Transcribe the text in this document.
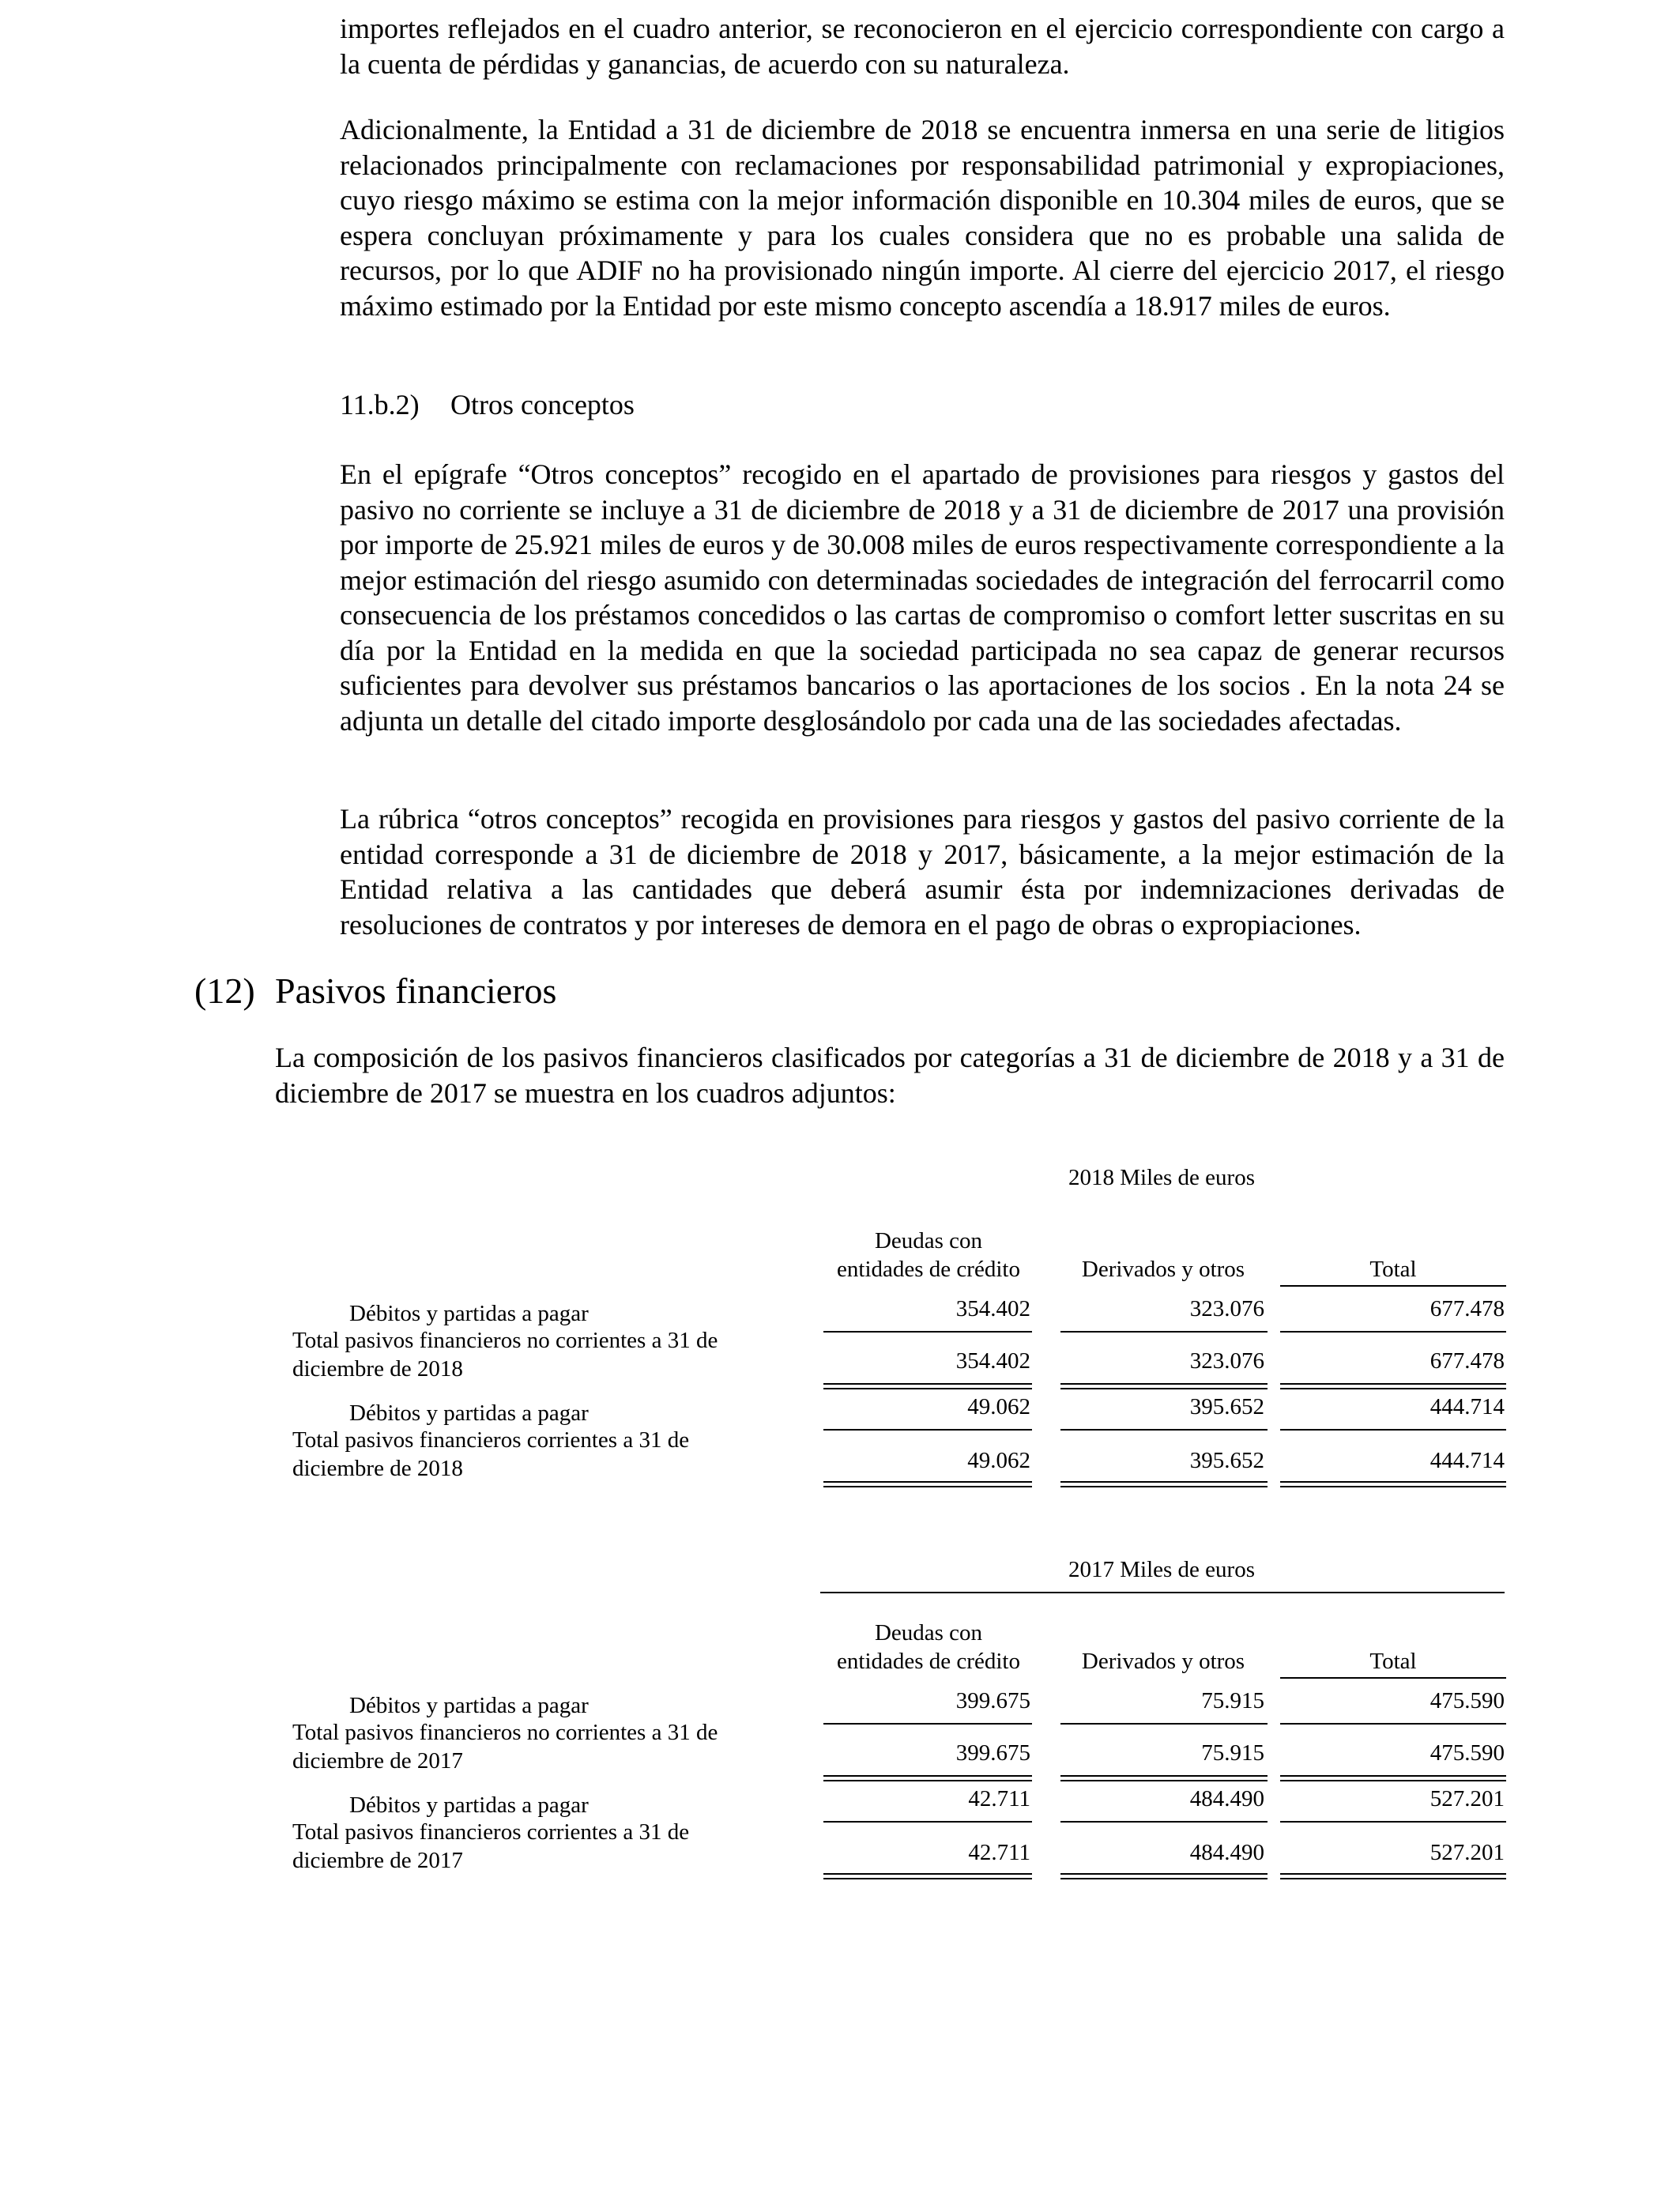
importes reflejados en el cuadro anterior, se reconocieron en el ejercicio correspondiente con cargo a la cuenta de pérdidas y ganancias, de acuerdo con su naturaleza.

Adicionalmente, la Entidad a 31 de diciembre de 2018 se encuentra inmersa en una serie de litigios relacionados principalmente con reclamaciones por responsabilidad patrimonial y expropiaciones, cuyo riesgo máximo se estima con la mejor información disponible en 10.304 miles de euros, que se espera concluyan próximamente y para los cuales considera que no es probable una salida de recursos, por lo que ADIF no ha provisionado ningún importe. Al cierre del ejercicio 2017, el riesgo máximo estimado por la Entidad por este mismo concepto ascendía a 18.917 miles de euros.

11.b.2) Otros conceptos

En el epígrafe “Otros conceptos” recogido en el apartado de provisiones para riesgos y gastos del pasivo no corriente se incluye a 31 de diciembre de 2018 y a 31 de diciembre de 2017 una provisión por importe de 25.921 miles de euros y de 30.008 miles de euros respectivamente correspondiente a la mejor estimación del riesgo asumido con determinadas sociedades de integración del ferrocarril como consecuencia de los préstamos concedidos o las cartas de compromiso o comfort letter suscritas en su día por la Entidad en la medida en que la sociedad participada no sea capaz de generar recursos suficientes para devolver sus préstamos bancarios o las aportaciones de los socios . En la nota 24 se adjunta un detalle del citado importe desglosándolo por cada una de las sociedades afectadas.

La rúbrica “otros conceptos” recogida en provisiones para riesgos y gastos del pasivo corriente de la entidad corresponde a 31 de diciembre de 2018 y 2017, básicamente, a la mejor estimación de la Entidad relativa a las cantidades que deberá asumir ésta por indemnizaciones derivadas de resoluciones de contratos y por intereses de demora en el pago de obras o expropiaciones.

(12) Pasivos financieros

La composición de los pasivos financieros clasificados por categorías a 31 de diciembre de 2018 y a 31 de diciembre de 2017 se muestra en los cuadros adjuntos:

2018 Miles de euros
Deudas con
entidades de crédito	Derivados y otros	Total
Débitos y partidas a pagar	354.402	323.076	677.478
Total pasivos financieros no corrientes a 31 de
diciembre de 2018	354.402	323.076	677.478
Débitos y partidas a pagar	49.062	395.652	444.714
Total pasivos financieros corrientes a 31 de
diciembre de 2018	49.062	395.652	444.714
2017 Miles de euros
Deudas con
entidades de crédito	Derivados y otros	Total
Débitos y partidas a pagar	399.675	75.915	475.590
Total pasivos financieros no corrientes a 31 de
diciembre de 2017	399.675	75.915	475.590
Débitos y partidas a pagar	42.711	484.490	527.201
Total pasivos financieros corrientes a 31 de
diciembre de 2017	42.711	484.490	527.201
